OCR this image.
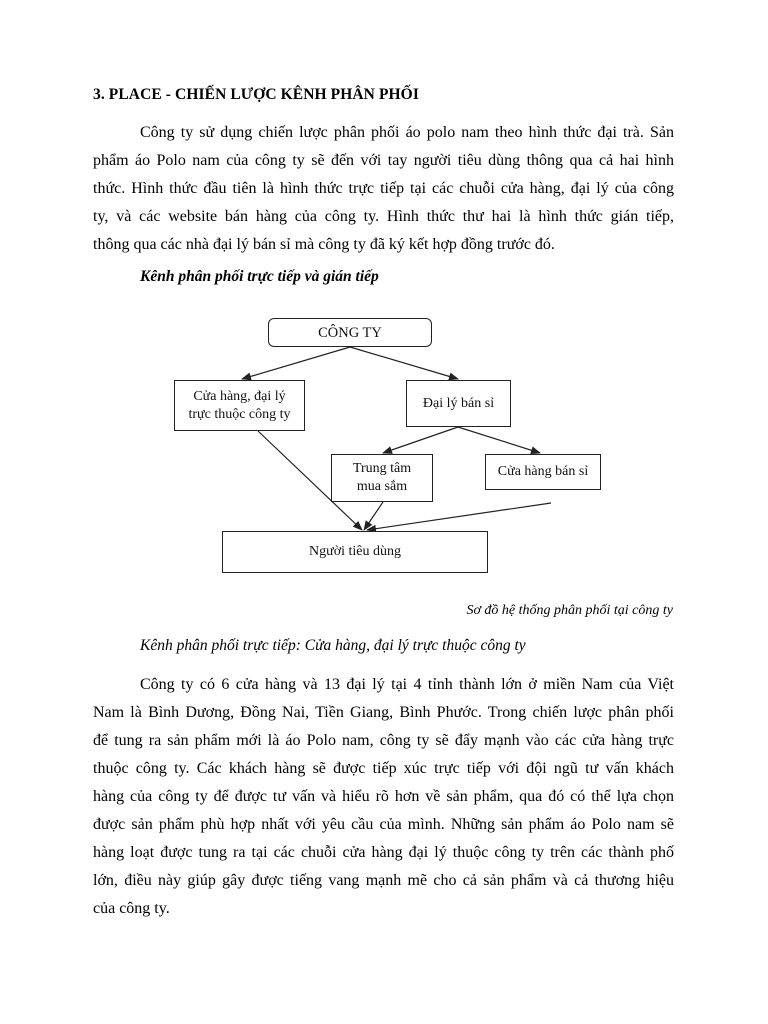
3. PLACE - CHIẾN LƯỢC KÊNH PHÂN PHỐI
Công ty sử dụng chiến lược phân phối áo polo nam theo hình thức đại trà. Sản
phẩm áo Polo nam của công ty sẽ đến với tay người tiêu dùng thông qua cả hai hình
thức. Hình thức đầu tiên là hình thức trực tiếp tại các chuỗi cửa hàng, đại lý của công
ty, và các website bán hàng của công ty. Hình thức thư hai là hình thức gián tiếp,
thông qua các nhà đại lý bán sỉ mà công ty đã ký kết hợp đồng trước đó.
Kênh phân phối trực tiếp và gián tiếp
CÔNG TY
Cửa hàng, đại lý
trực thuộc công ty
Đại lý bán sỉ
Trung tâm
mua sắm
Cửa hàng bán sỉ
Người tiêu dùng
Sơ đồ hệ thống phân phối tại công ty
Kênh phân phối trực tiếp: Cửa hàng, đại lý trực thuộc công ty
Công ty có 6 cửa hàng và 13 đại lý tại 4 tỉnh thành lớn ở miền Nam của Việt
Nam là Bình Dương, Đồng Nai, Tiền Giang, Bình Phước. Trong chiến lược phân phối
để tung ra sản phẩm mới là áo Polo nam, công ty sẽ đẩy mạnh vào các cửa hàng trực
thuộc công ty. Các khách hàng sẽ được tiếp xúc trực tiếp với đội ngũ tư vấn khách
hàng của công ty để được tư vấn và hiểu rõ hơn về sản phẩm, qua đó có thể lựa chọn
được sản phẩm phù hợp nhất với yêu cầu của mình. Những sản phẩm áo Polo nam sẽ
hàng loạt được tung ra tại các chuỗi cửa hàng đại lý thuộc công ty trên các thành phố
lớn, điều này giúp gây được tiếng vang mạnh mẽ cho cả sản phẩm và cả thương hiệu
của công ty.
